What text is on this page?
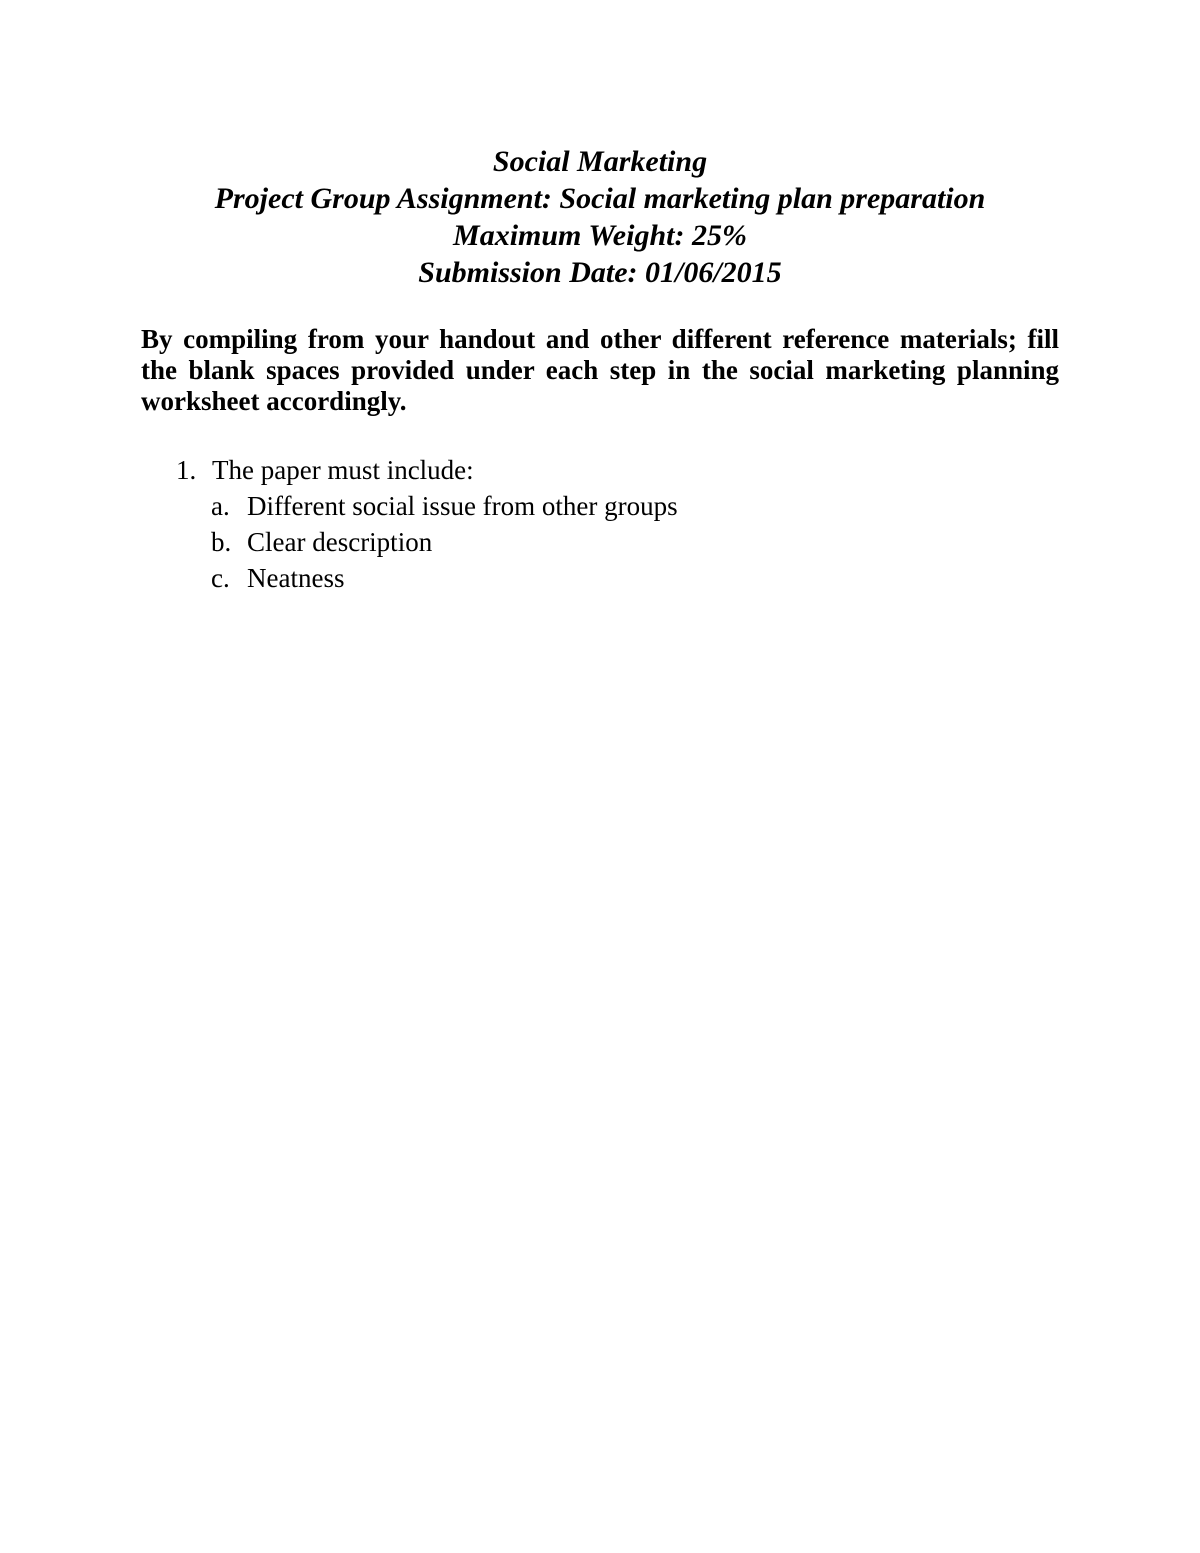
Social Marketing
Project Group Assignment: Social marketing plan preparation
Maximum Weight: 25%
Submission Date: 01/06/2015

By compiling from your handout and other different reference materials; fill the blank spaces provided under each step in the social marketing planning worksheet accordingly.

1. The paper must include:
a. Different social issue from other groups
b. Clear description
c. Neatness
